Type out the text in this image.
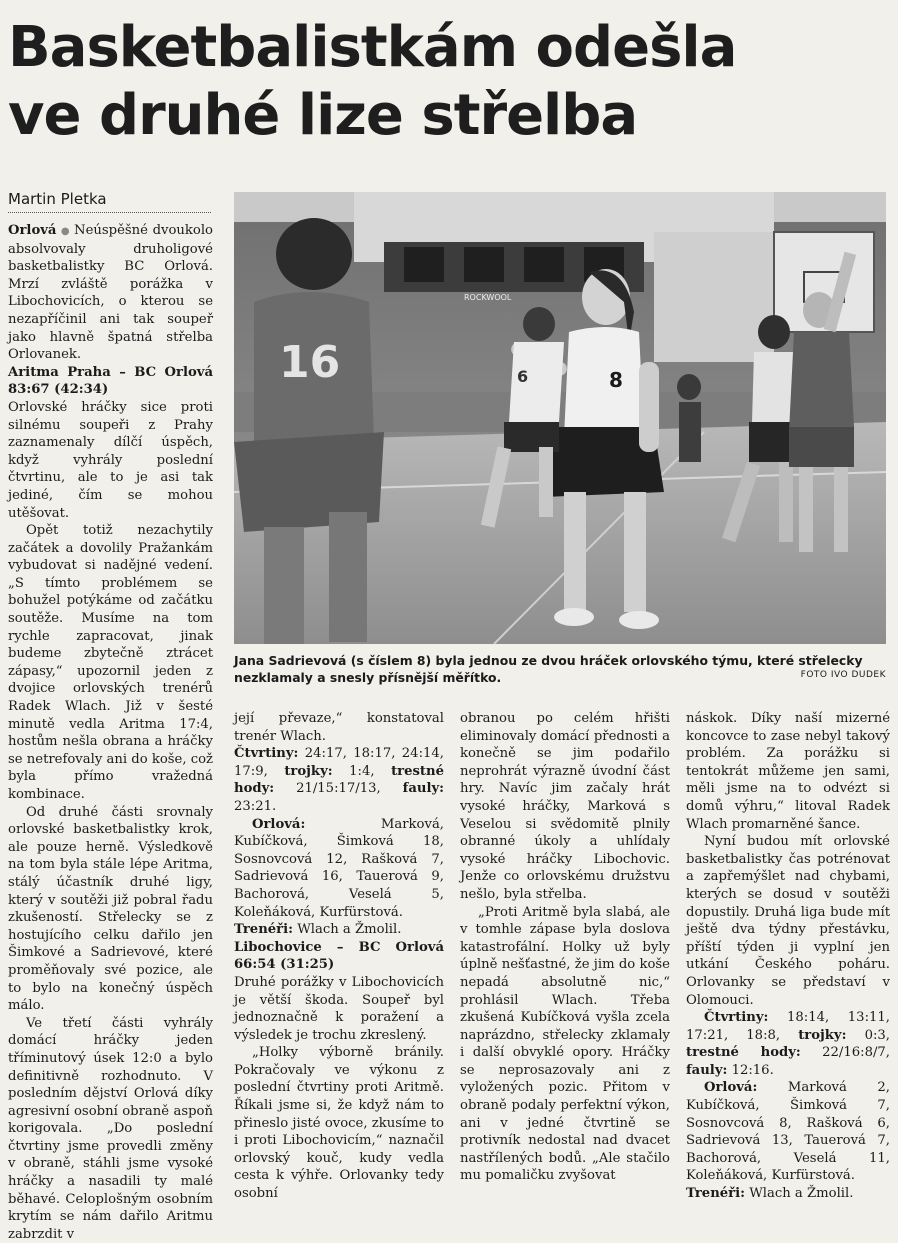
Basketbalistkám odešla
ve druhé lize střelba
Martin Pletka

Orlová ● Neúspěšné dvoukolo absolvovaly druholigové basketbalistky BC Orlová. Mrzí zvláště porážka v Libochovicích, o kterou se nezapříčinil ani tak soupeř jako hlavně špatná střelba Orlovanek.

Aritma Praha – BC Orlová 83:67 (42:34)

Orlovské hráčky sice proti silnému soupeři z Prahy zaznamenaly dílčí úspěch, když vyhrály poslední čtvrtinu, ale to je asi tak jediné, čím se mohou utěšovat.

Opět totiž nezachytily začátek a dovolily Pražankám vybudovat si nadějné vedení. „S tímto problémem se bohužel potýkáme od začátku soutěže. Musíme na tom rychle zapracovat, jinak budeme zbytečně ztrácet zápasy,“ upozornil jeden z dvojice orlovských trenérů Radek Wlach. Již v šesté minutě vedla Aritma 17:4, hostům nešla obrana a hráčky se netrefovaly ani do koše, což byla přímo vražedná kombinace.

Od druhé části srovnaly orlovské basketbalistky krok, ale pouze herně. Výsledkově na tom byla stále lépe Aritma, stálý účastník druhé ligy, který v soutěži již pobral řadu zkušeností. Střelecky se z hostujícího celku dařilo jen Šimkové a Sadrievové, které proměňovaly své pozice, ale to bylo na konečný úspěch málo.

Ve třetí části vyhrály domácí hráčky jeden tříminutový úsek 12:0 a bylo definitivně rozhodnuto. V posledním dějství Orlová díky agresivní osobní obraně aspoň korigovala. „Do poslední čtvrtiny jsme provedli změny v obraně, stáhli jsme vysoké hráčky a nasadili ty malé běhavé. Celoplošným osobním krytím se nám dařilo Aritmu zabrzdit v

ROCKWOOL
16	8
6
Jana Sadrievová (s číslem 8) byla jednou ze dvou hráček orlovského týmu, které střelecky nezklamaly a snesly přísnější měřítko.	FOTO IVO DUDEK

její převaze,“ konstatoval trenér Wlach.

Čtvrtiny: 24:17, 18:17, 24:14, 17:9, trojky: 1:4, trestné hody: 21/15:17/13, fauly: 23:21.

Orlová:	Marková, Kubíčková, Šimková 18, Sosnovcová 12, Rašková 7, Sadrievová 16, Tauerová 9, Bachorová, Veselá 5, Koleňáková, Kurfürstová.

Trenéři: Wlach a Žmolil.

Libochovice – BC Orlová 66:54 (31:25)

Druhé porážky v Libochovicích je větší škoda. Soupeř byl jednoznačně k poražení a výsledek je trochu zkreslený.

„Holky výborně bránily. Pokračovaly ve výkonu z poslední čtvrtiny proti Aritmě. Říkali jsme si, že když nám to přineslo jisté ovoce, zkusíme to i proti Libochovicím,“ naznačil orlovský kouč, kudy vedla cesta k výhře. Orlovanky tedy osobní

obranou po celém hřišti eliminovaly domácí přednosti a konečně se jim podařilo neprohrát výrazně úvodní část hry. Navíc jim začaly hrát vysoké hráčky, Marková s Veselou si svědomitě plnily obranné úkoly a uhlídaly vysoké hráčky Libochovic. Jenže co orlovskému družstvu nešlo, byla střelba.

„Proti Aritmě byla slabá, ale v tomhle zápase byla doslova katastrofální. Holky už byly úplně nešťastné, že jim do koše nepadá absolutně nic,“ prohlásil Wlach. Třeba zkušená Kubíčková vyšla zcela naprázdno, střelecky zklamaly i další obvyklé opory. Hráčky se neprosazovaly ani z vyložených pozic. Přitom v obraně podaly perfektní výkon, ani v jedné čtvrtině se protivník nedostal nad dvacet nastřílených bodů. „Ale stačilo mu pomaličku zvyšovat

náskok. Díky naší mizerné koncovce to zase nebyl takový problém. Za porážku si tentokrát můžeme jen sami, měli jsme na to odvézt si domů výhru,“ litoval Radek Wlach promarněné šance.

Nyní budou mít orlovské basketbalistky čas potrénovat a zapřemýšlet nad chybami, kterých se dosud v soutěži dopustily. Druhá liga bude mít ještě dva týdny přestávku, příští týden ji vyplní jen utkání Českého poháru. Orlovanky se představí v Olomouci.

Čtvrtiny: 18:14, 13:11, 17:21, 18:8, trojky: 0:3, trestné hody: 22/16:8/7, fauly: 12:16.

Orlová: Marková 2, Kubíčková, Šimková 7, Sosnovcová 8, Rašková 6, Sadrievová 13, Tauerová 7, Bachorová, Veselá 11, Koleňáková, Kurfürstová.

Trenéři: Wlach a Žmolil.
